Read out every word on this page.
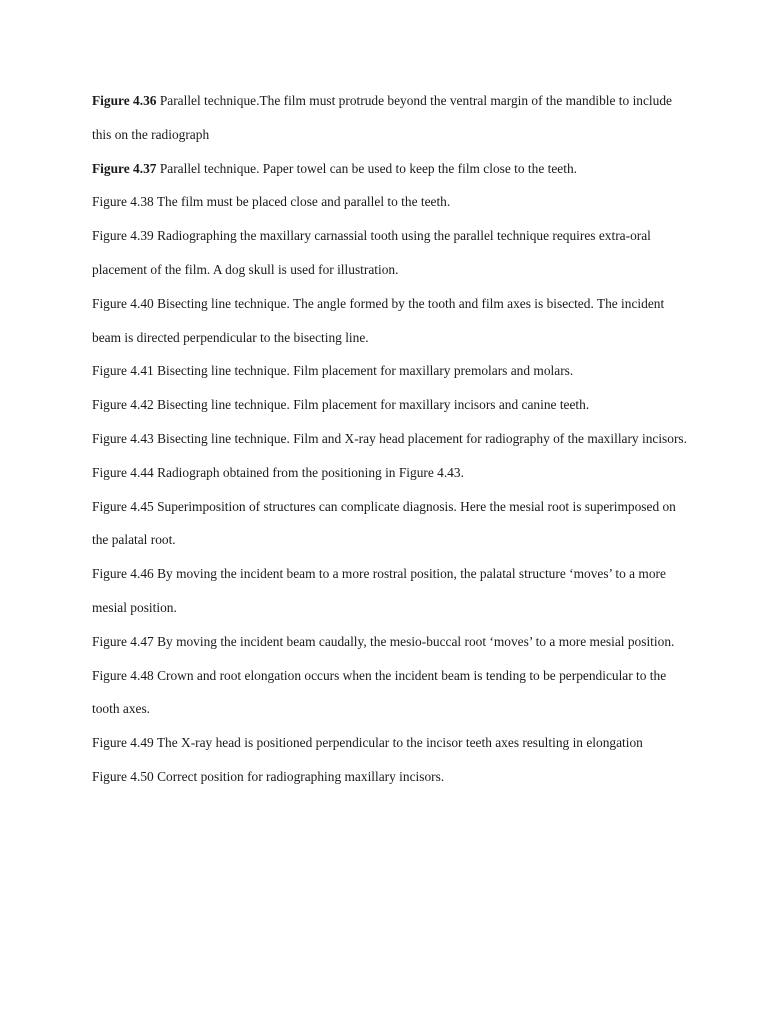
Figure 4.36 Parallel technique.The film must protrude beyond the ventral margin of the mandible to include this on the radiograph

Figure 4.37 Parallel technique. Paper towel can be used to keep the film close to the teeth.

Figure 4.38 The film must be placed close and parallel to the teeth.

Figure 4.39 Radiographing the maxillary carnassial tooth using the parallel technique requires extra-oral placement of the film. A dog skull is used for illustration.

Figure 4.40 Bisecting line technique. The angle formed by the tooth and film axes is bisected. The incident beam is directed perpendicular to the bisecting line.

Figure 4.41 Bisecting line technique. Film placement for maxillary premolars and molars.

Figure 4.42 Bisecting line technique. Film placement for maxillary incisors and canine teeth.

Figure 4.43 Bisecting line technique. Film and X-ray head placement for radiography of the maxillary incisors.

Figure 4.44 Radiograph obtained from the positioning in Figure 4.43.

Figure 4.45 Superimposition of structures can complicate diagnosis. Here the mesial root is superimposed on the palatal root.

Figure 4.46 By moving the incident beam to a more rostral position, the palatal structure ‘moves’ to a more mesial position.

Figure 4.47 By moving the incident beam caudally, the mesio-buccal root ‘moves’ to a more mesial position.

Figure 4.48 Crown and root elongation occurs when the incident beam is tending to be perpendicular to the tooth axes.

Figure 4.49 The X-ray head is positioned perpendicular to the incisor teeth axes resulting in elongation

Figure 4.50 Correct position for radiographing maxillary incisors.
